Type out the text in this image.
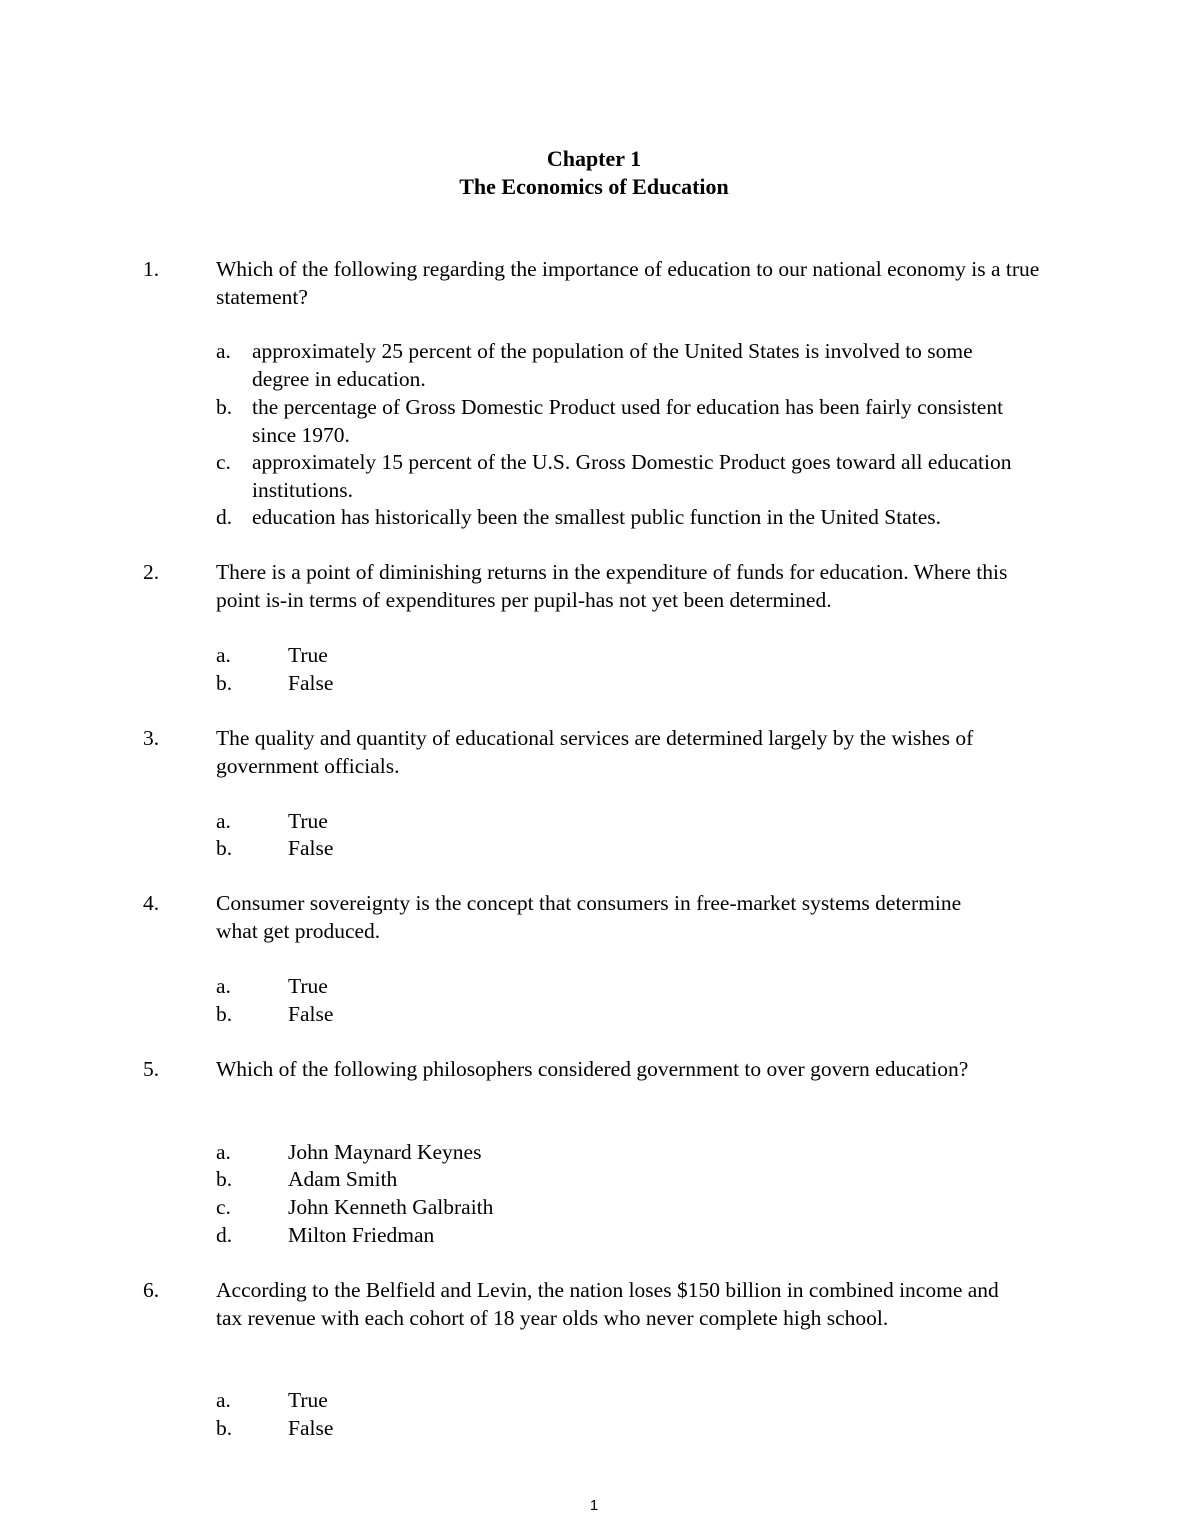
Chapter 1
The Economics of Education
1.	Which of the following regarding the importance of education to our national economy is a true statement?
a. approximately 25 percent of the population of the United States is involved to some degree in education.
b. the percentage of Gross Domestic Product used for education has been fairly consistent since 1970.
c. approximately 15 percent of the U.S. Gross Domestic Product goes toward all education institutions.
d. education has historically been the smallest public function in the United States.
2.	There is a point of diminishing returns in the expenditure of funds for education. Where this point is-in terms of expenditures per pupil-has not yet been determined.
a.	True
b.	False
3.	The quality and quantity of educational services are determined largely by the wishes of government officials.
a.	True
b.	False
4.	Consumer sovereignty is the concept that consumers in free-market systems determine what get produced.
a.	True
b.	False
5.	Which of the following philosophers considered government to over govern education?
a.	John Maynard Keynes
b.	Adam Smith
c.	John Kenneth Galbraith
d.	Milton Friedman
6.	According to the Belfield and Levin, the nation loses $150 billion in combined income and tax revenue with each cohort of 18 year olds who never complete high school.
a.	True
b.	False
1
